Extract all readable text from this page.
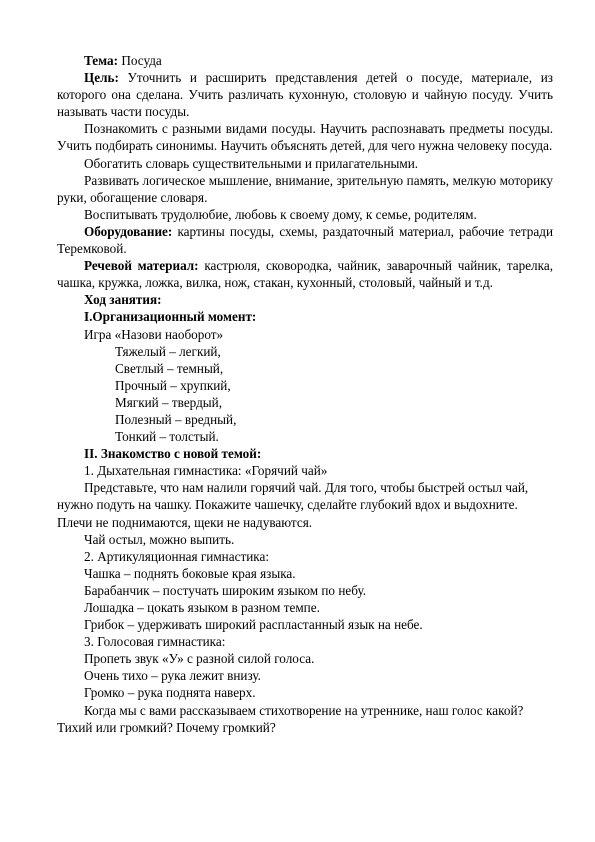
Тема: Посуда

Цель: Уточнить и расширить представления детей о посуде, материале, из которого она сделана. Учить различать кухонную, столовую и чайную посуду. Учить называть части посуды.

Познакомить с разными видами посуды. Научить распознавать предметы посуды. Учить подбирать синонимы. Научить объяснять детей, для чего нужна человеку посуда.

Обогатить словарь существительными и прилагательными.

Развивать логическое мышление, внимание, зрительную память, мелкую моторику руки, обогащение словаря.

Воспитывать трудолюбие, любовь к своему дому, к семье, родителям.

Оборудование: картины посуды, схемы, раздаточный материал, рабочие тетради Теремковой.

Речевой материал: кастрюля, сковородка, чайник, заварочный чайник, тарелка, чашка, кружка, ложка, вилка, нож, стакан, кухонный, столовый, чайный и т.д.

Ход занятия:

I.Организационный момент:

Игра «Назови наоборот»

Тяжелый – легкий,

Светлый – темный,

Прочный – хрупкий,

Мягкий – твердый,

Полезный – вредный,

Тонкий – толстый.

II. Знакомство с новой темой:

1. Дыхательная гимнастика: «Горячий чай»

Представьте, что нам налили горячий чай. Для того, чтобы быстрей остыл чай, нужно подуть на чашку. Покажите чашечку, сделайте глубокий вдох и выдохните. Плечи не поднимаются, щеки не надуваются.

Чай остыл, можно выпить.

2. Артикуляционная гимнастика:

Чашка – поднять боковые края языка.

Барабанчик – постучать широким языком по небу.

Лошадка – цокать языком в разном темпе.

Грибок – удерживать широкий распластанный язык на небе.

3. Голосовая гимнастика:

Пропеть звук «У» с разной силой голоса.

Очень тихо – рука лежит внизу.

Громко – рука поднята наверх.

Когда мы с вами рассказываем стихотворение на утреннике, наш голос какой? Тихий или громкий? Почему громкий?
